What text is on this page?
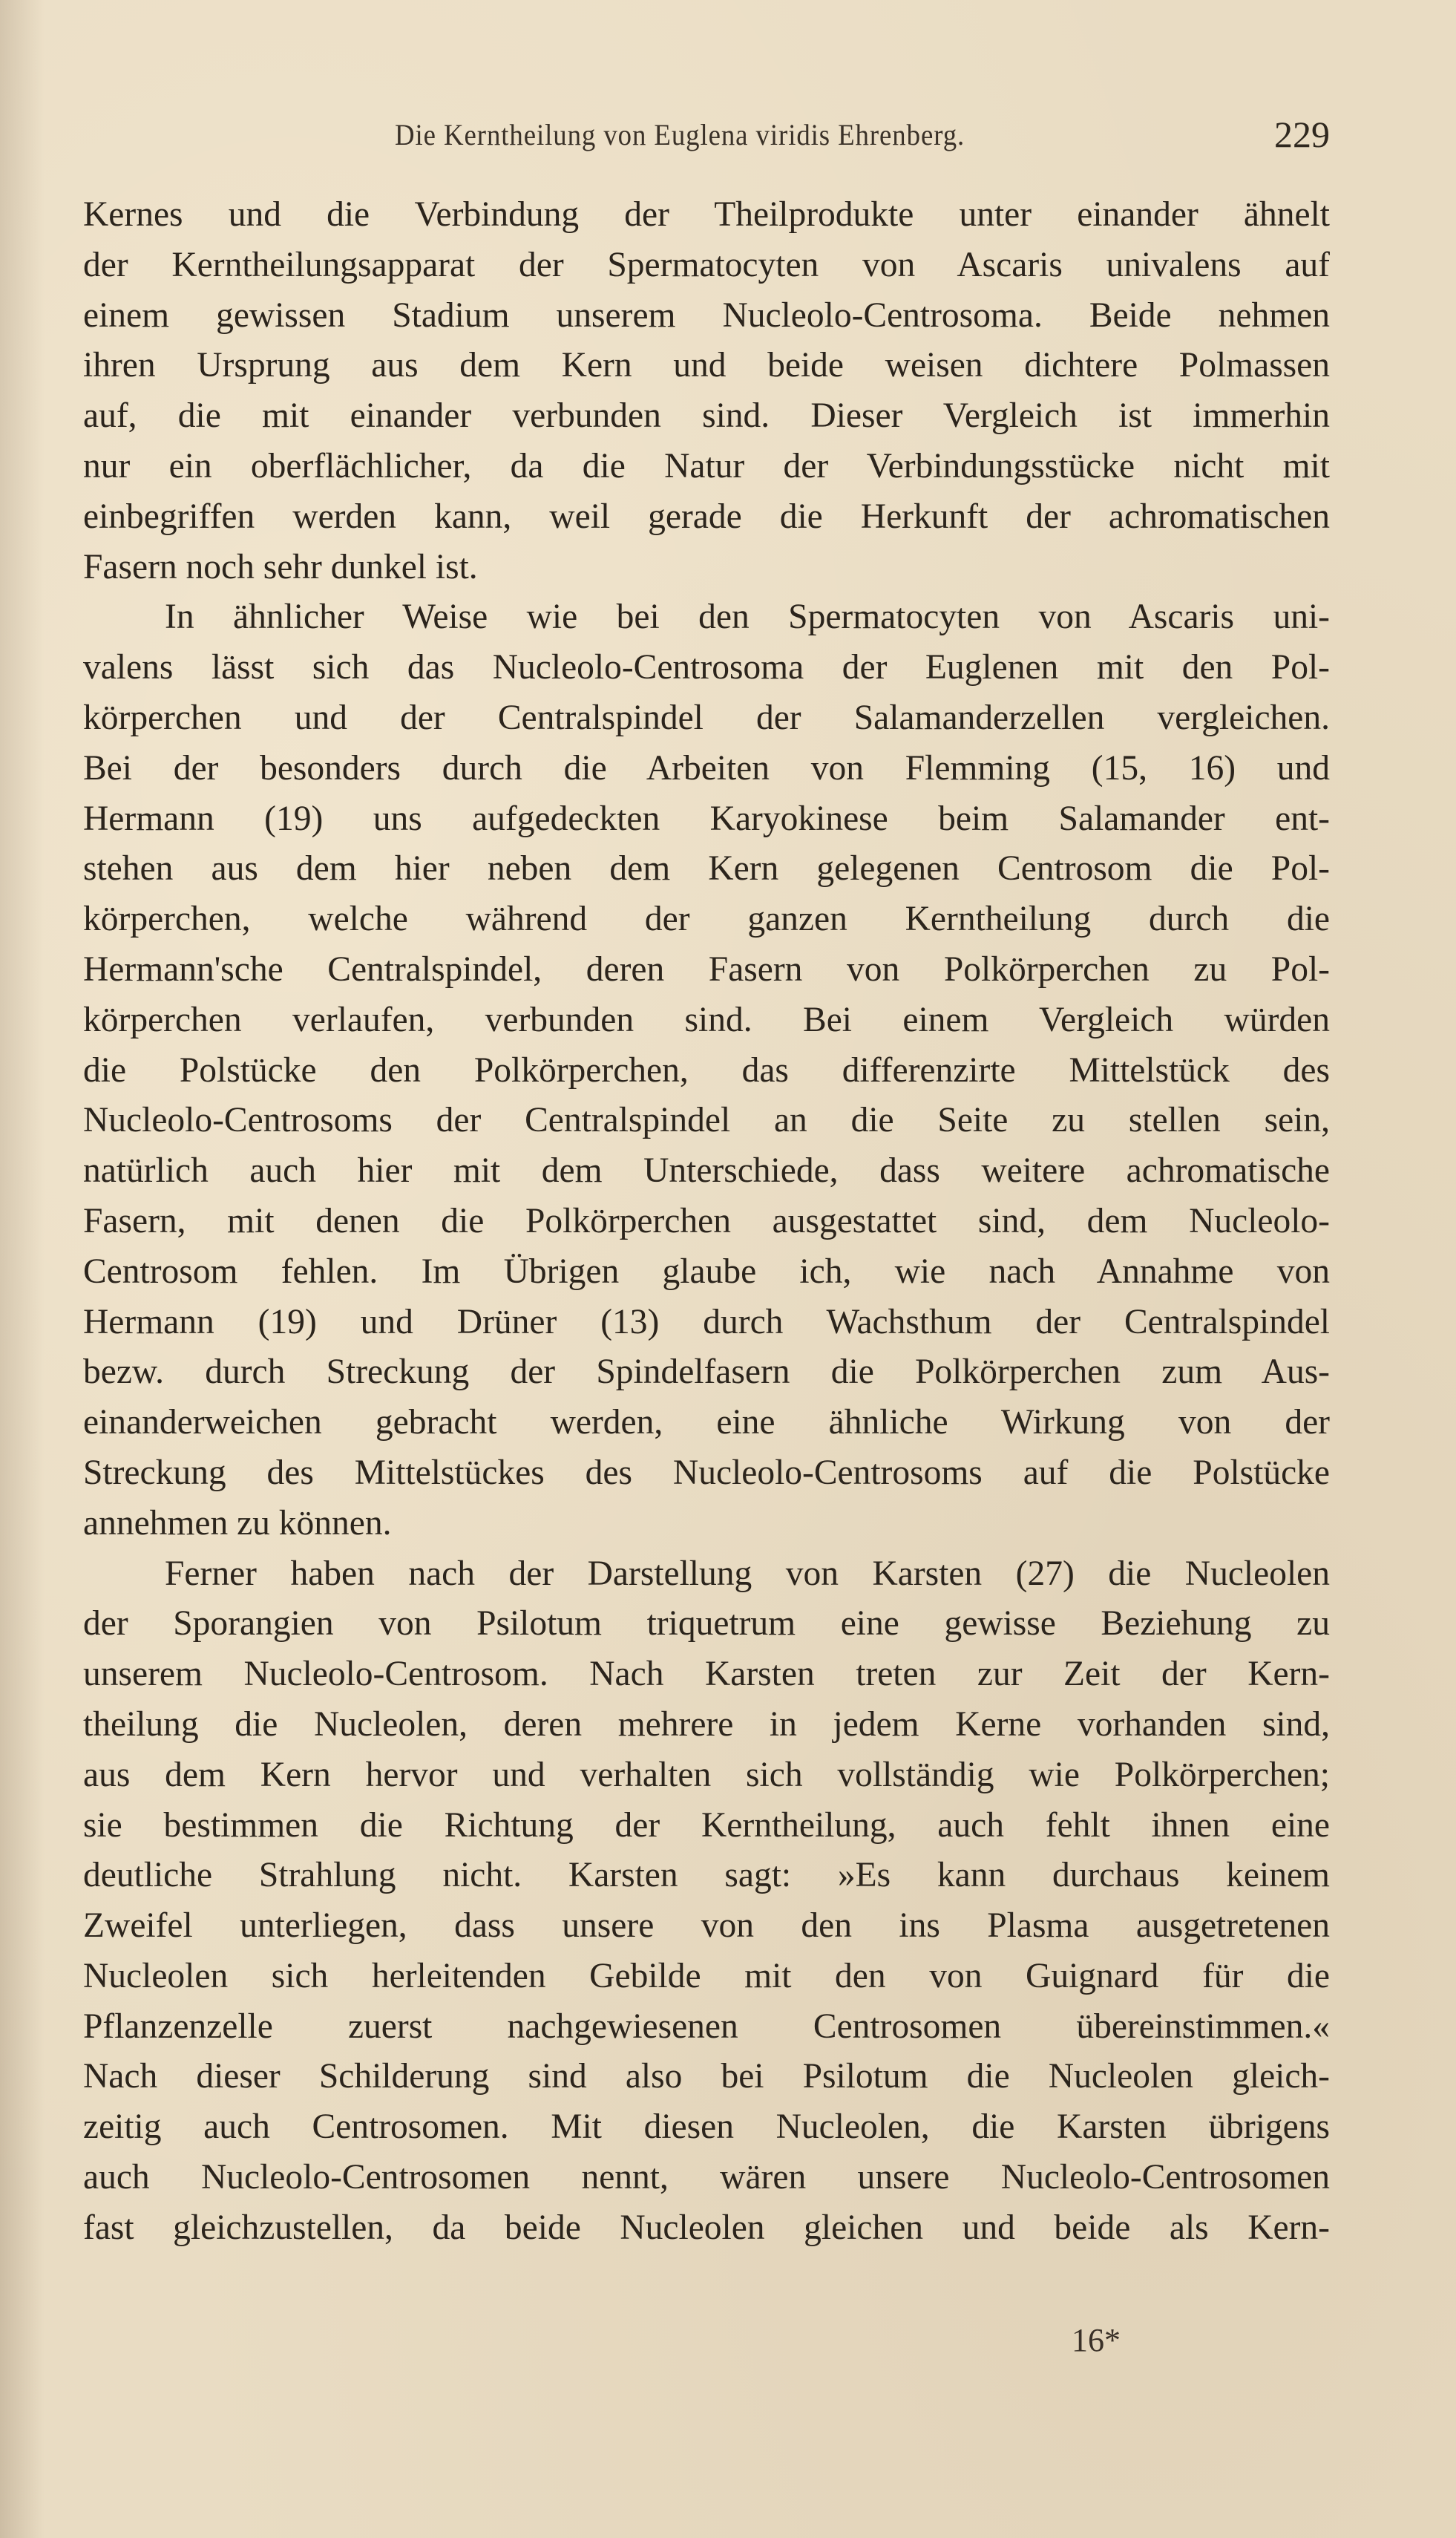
Die Kerntheilung von Euglena viridis Ehrenberg.	229
Kernes und die Verbindung der Theilprodukte unter einander ähnelt
der Kerntheilungsapparat der Spermatocyten von Ascaris univalens auf
einem gewissen Stadium unserem Nucleolo-Centrosoma. Beide nehmen
ihren Ursprung aus dem Kern und beide weisen dichtere Polmassen
auf, die mit einander verbunden sind. Dieser Vergleich ist immerhin
nur ein oberflächlicher, da die Natur der Verbindungsstücke nicht mit
einbegriffen werden kann, weil gerade die Herkunft der achromatischen
Fasern noch sehr dunkel ist.
In ähnlicher Weise wie bei den Spermatocyten von Ascaris uni-
valens lässt sich das Nucleolo-Centrosoma der Euglenen mit den Pol-
körperchen und der Centralspindel der Salamanderzellen vergleichen.
Bei der besonders durch die Arbeiten von Flemming (15, 16) und
Hermann (19) uns aufgedeckten Karyokinese beim Salamander ent-
stehen aus dem hier neben dem Kern gelegenen Centrosom die Pol-
körperchen, welche während der ganzen Kerntheilung durch die
Hermann'sche Centralspindel, deren Fasern von Polkörperchen zu Pol-
körperchen verlaufen, verbunden sind. Bei einem Vergleich würden
die Polstücke den Polkörperchen, das differenzirte Mittelstück des
Nucleolo-Centrosoms der Centralspindel an die Seite zu stellen sein,
natürlich auch hier mit dem Unterschiede, dass weitere achromatische
Fasern, mit denen die Polkörperchen ausgestattet sind, dem Nucleolo-
Centrosom fehlen. Im Übrigen glaube ich, wie nach Annahme von
Hermann (19) und Drüner (13) durch Wachsthum der Centralspindel
bezw. durch Streckung der Spindelfasern die Polkörperchen zum Aus-
einanderweichen gebracht werden, eine ähnliche Wirkung von der
Streckung des Mittelstückes des Nucleolo-Centrosoms auf die Polstücke
annehmen zu können.
Ferner haben nach der Darstellung von Karsten (27) die Nucleolen
der Sporangien von Psilotum triquetrum eine gewisse Beziehung zu
unserem Nucleolo-Centrosom. Nach Karsten treten zur Zeit der Kern-
theilung die Nucleolen, deren mehrere in jedem Kerne vorhanden sind,
aus dem Kern hervor und verhalten sich vollständig wie Polkörperchen;
sie bestimmen die Richtung der Kerntheilung, auch fehlt ihnen eine
deutliche Strahlung nicht. Karsten sagt: »Es kann durchaus keinem
Zweifel unterliegen, dass unsere von den ins Plasma ausgetretenen
Nucleolen sich herleitenden Gebilde mit den von Guignard für die
Pflanzenzelle zuerst nachgewiesenen Centrosomen übereinstimmen.«
Nach dieser Schilderung sind also bei Psilotum die Nucleolen gleich-
zeitig auch Centrosomen. Mit diesen Nucleolen, die Karsten übrigens
auch Nucleolo-Centrosomen nennt, wären unsere Nucleolo-Centrosomen
fast gleichzustellen, da beide Nucleolen gleichen und beide als Kern-
16*
